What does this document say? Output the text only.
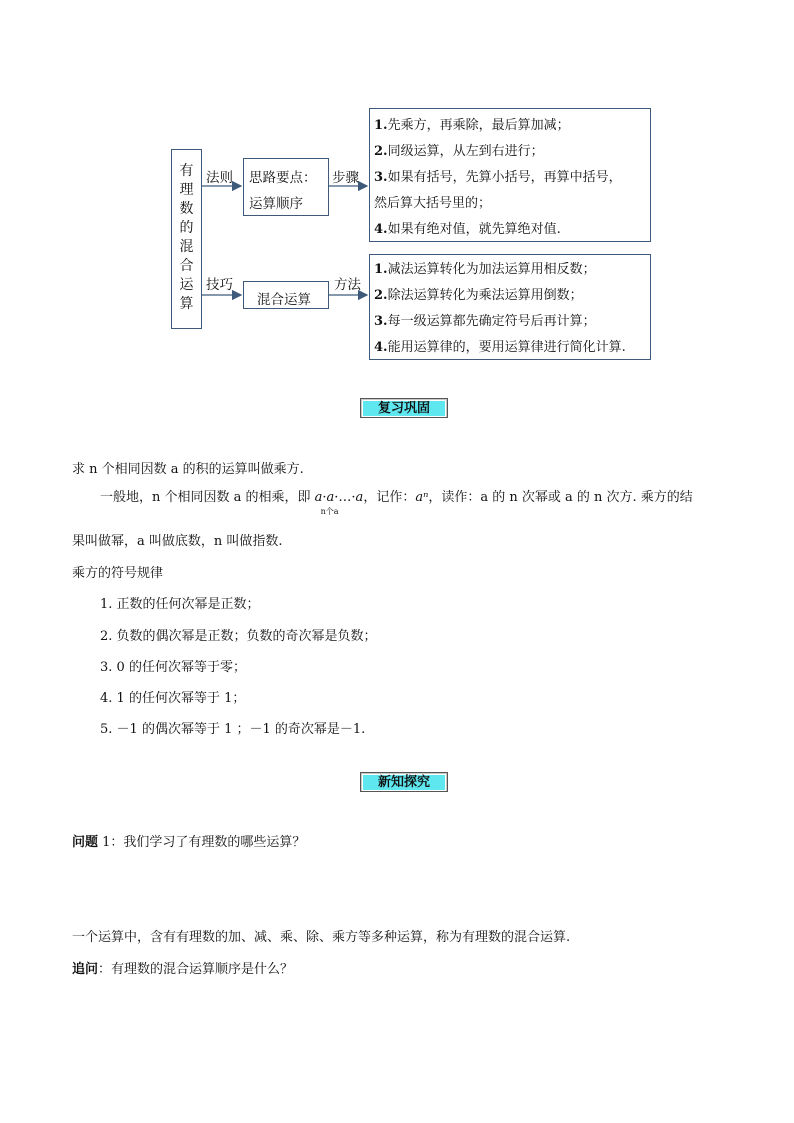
有
理
数
的
混
合
运
算
法则
技巧
思路要点：
运算顺序
混合运算
步骤
方法
1.先乘方，再乘除，最后算加减；
2.同级运算，从左到右进行；
3.如果有括号，先算小括号，再算中括号，
然后算大括号里的；
4.如果有绝对值，就先算绝对值.
1.减法运算转化为加法运算用相反数；
2.除法运算转化为乘法运算用倒数；
3.每一级运算都先确定符号后再计算；
4.能用运算律的，要用运算律进行简化计算.
复习巩固
求 n 个相同因数 a 的积的运算叫做乘方.
一般地，n 个相同因数 a 的相乘，即 a·a·…·a
n个a
，记作：aⁿ，读作：a 的 n 次幂或 a 的 n 次方. 乘方的结
果叫做幂，a 叫做底数，n 叫做指数.
乘方的符号规律
1. 正数的任何次幂是正数；
2. 负数的偶次幂是正数；负数的奇次幂是负数；
3. 0 的任何次幂等于零；
4. 1 的任何次幂等于 1；
5. －1 的偶次幂等于 1 ；－1 的奇次幂是－1.
新知探究
问题 1：我们学习了有理数的哪些运算？
一个运算中，含有有理数的加、减、乘、除、乘方等多种运算，称为有理数的混合运算.
追问：有理数的混合运算顺序是什么？
